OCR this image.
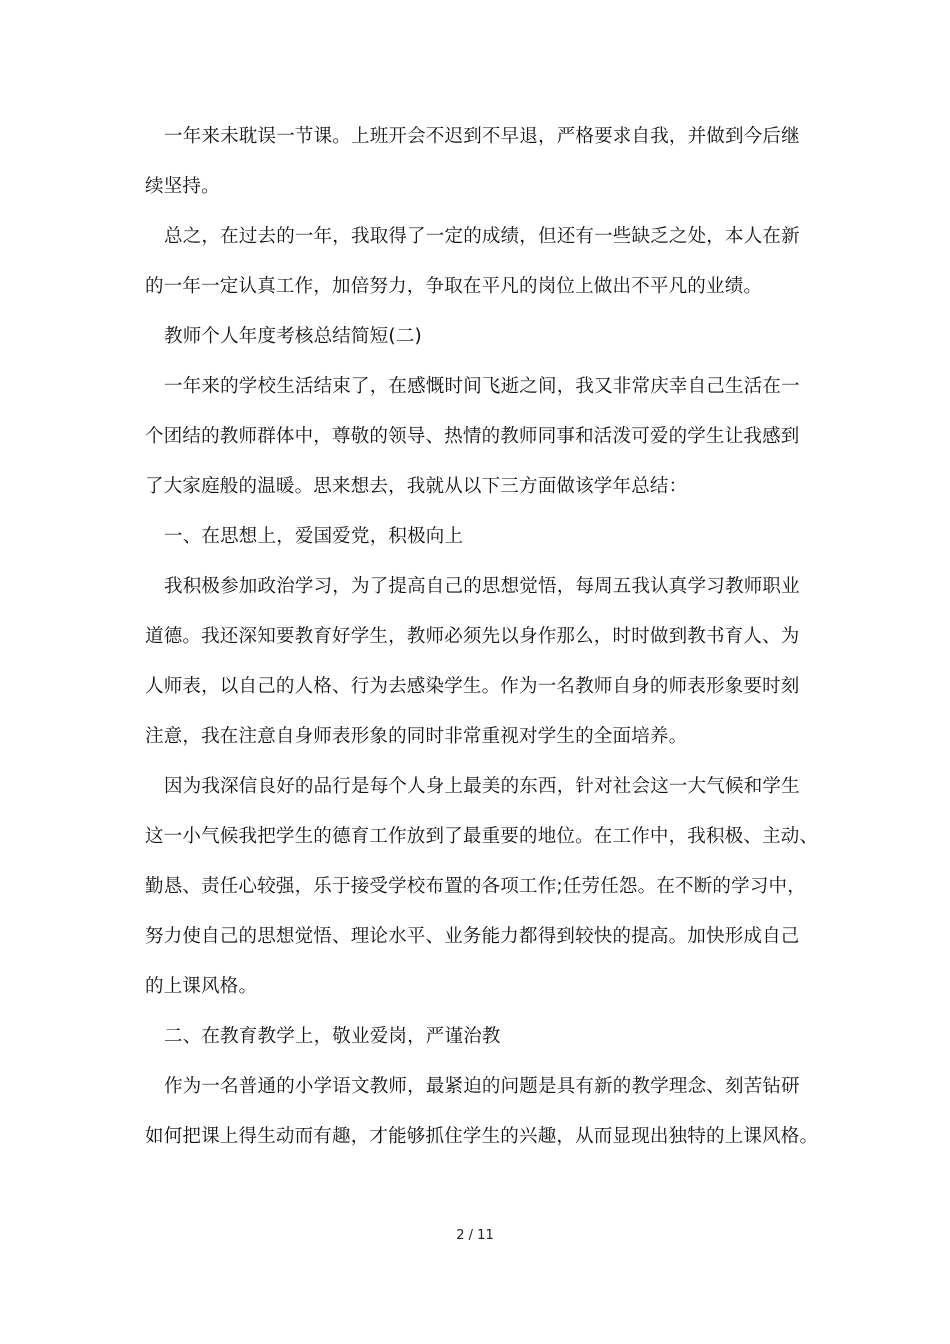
一年来未耽误一节课。上班开会不迟到不早退，严格要求自我，并做到今后继
续坚持。
总之，在过去的一年，我取得了一定的成绩，但还有一些缺乏之处，本人在新
的一年一定认真工作，加倍努力，争取在平凡的岗位上做出不平凡的业绩。
教师个人年度考核总结简短(二)
一年来的学校生活结束了，在感慨时间飞逝之间，我又非常庆幸自己生活在一
个团结的教师群体中，尊敬的领导、热情的教师同事和活泼可爱的学生让我感到
了大家庭般的温暖。思来想去，我就从以下三方面做该学年总结：
一、在思想上，爱国爱党，积极向上
我积极参加政治学习，为了提高自己的思想觉悟，每周五我认真学习教师职业
道德。我还深知要教育好学生，教师必须先以身作那么，时时做到教书育人、为
人师表，以自己的人格、行为去感染学生。作为一名教师自身的师表形象要时刻
注意，我在注意自身师表形象的同时非常重视对学生的全面培养。
因为我深信良好的品行是每个人身上最美的东西，针对社会这一大气候和学生
这一小气候我把学生的德育工作放到了最重要的地位。在工作中，我积极、主动、
勤恳、责任心较强，乐于接受学校布置的各项工作;任劳任怨。在不断的学习中，
努力使自己的思想觉悟、理论水平、业务能力都得到较快的提高。加快形成自己
的上课风格。
二、在教育教学上，敬业爱岗，严谨治教
作为一名普通的小学语文教师，最紧迫的问题是具有新的教学理念、刻苦钻研
如何把课上得生动而有趣，才能够抓住学生的兴趣，从而显现出独特的上课风格。
2 / 11
